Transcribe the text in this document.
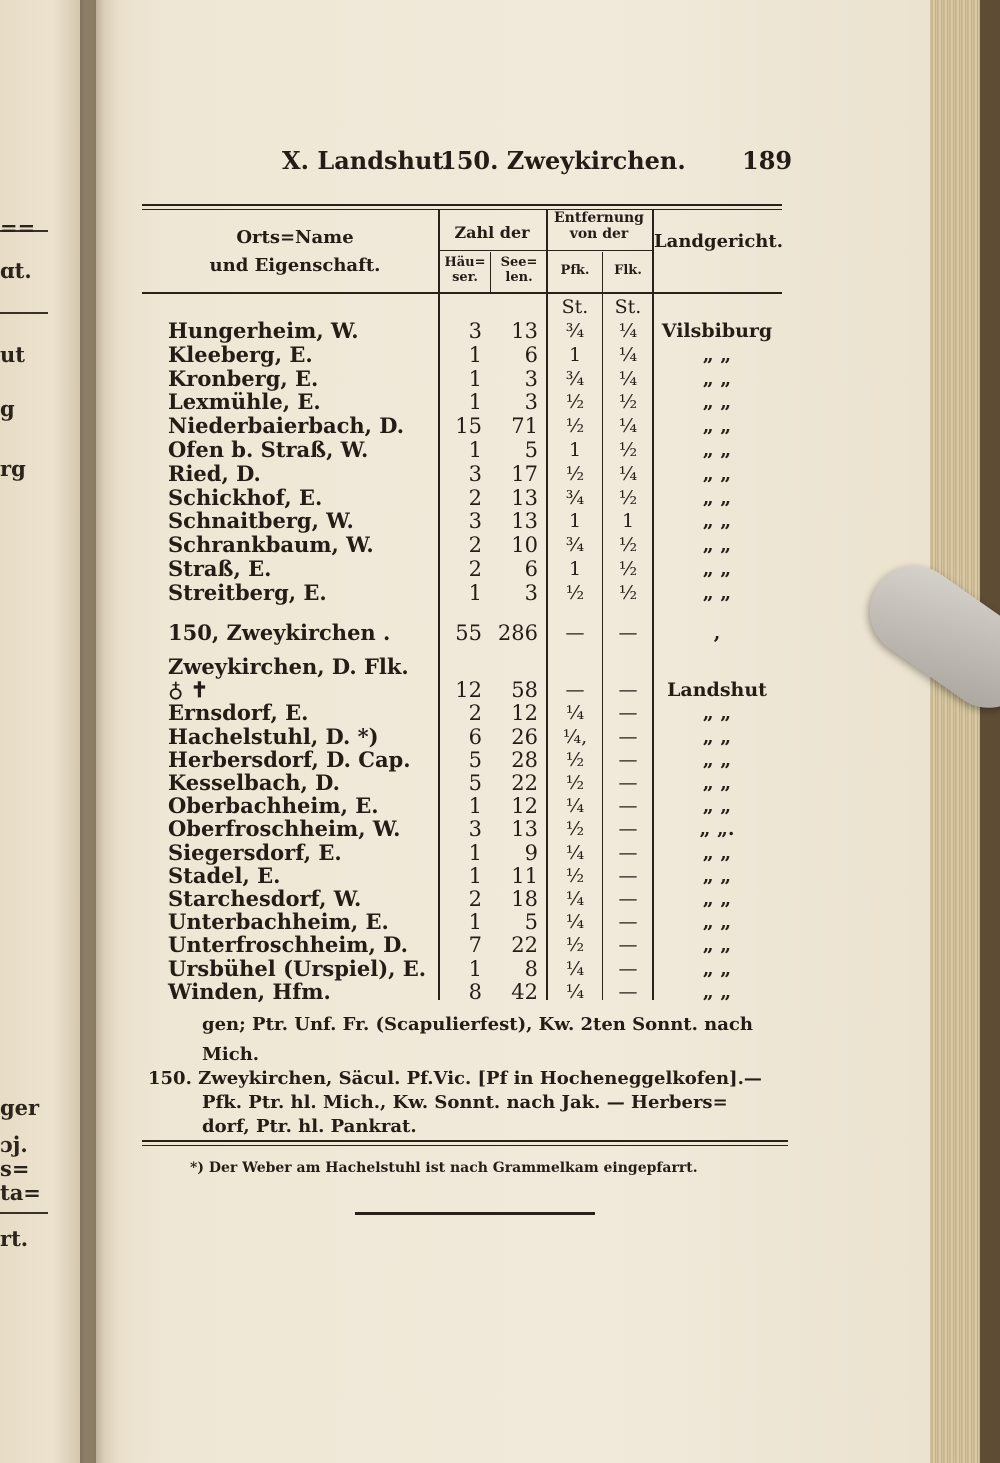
==
ɑt.
ut
g
rg
ger
ɔj.
s=
ta=
rt.
X. Landshut.
150. Zweykirchen. 189
Orts=Name
und Eigenschaft.
Zahl der
Häu= ser.
See= len.
Entfernung von der
Pfk.	Flk.
Landgericht.
St.	St.
Hungerheim, W.	3	13	¾	¼	Vilsbiburg
Kleeberg, E.	1	6	1	¼	„ „
Kronberg, E.	1	3	¾	¼	„ „
Lexmühle, E.	1	3	½	½	„ „
Niederbaierbach, D.	15	71	½	¼	„ „
Ofen b. Straß, W.	1	5	1	½	„ „
Ried, D.	3	17	½	¼	„ „
Schickhof, E.	2	13	¾	½	„ „
Schnaitberg, W.	3	13	1	1	„ „
Schrankbaum, W.	2	10	¾	½	„ „
Straß, E.	2	6	1	½	„ „
Streitberg, E.	1	3	½	½	„ „
150, Zweykirchen .	55 286	—	—	,
Zweykirchen, D. Flk.
♁ ✝	12	58	—	—	Landshut
Ernsdorf, E.	2	12	¼	—	„ „
Hachelstuhl, D. *)	6	26	¼,	—	„ „
Herbersdorf, D. Cap.	5	28	½	—	„ „
Kesselbach, D.	5	22	½	—	„ „
Oberbachheim, E.	1	12	¼	—	„ „
Oberfroschheim, W.	3	13	½	—	„ „.
Siegersdorf, E.	1	9	¼	—	„ „
Stadel, E.	1	11	½	—	„ „
Starchesdorf, W.	2	18	¼	—	„ „
Unterbachheim, E.	1	5	¼	—	„ „
Unterfroschheim, D.	7	22	½	—	„ „
Ursbühel (Urspiel), E.	1	8	¼	—	„ „
Winden, Hfm.	8	42	¼	—	„ „
gen; Ptr. Unf. Fr. (Scapulierfest), Kw. 2ten Sonnt. nach
Mich.
150. Zweykirchen, Säcul. Pf.Vic. [Pf in Hocheneggelkofen].—
Pfk. Ptr. hl. Mich., Kw. Sonnt. nach Jak. — Herbers=
dorf, Ptr. hl. Pankrat.
*) Der Weber am Hachelstuhl ist nach Grammelkam eingepfarrt.
